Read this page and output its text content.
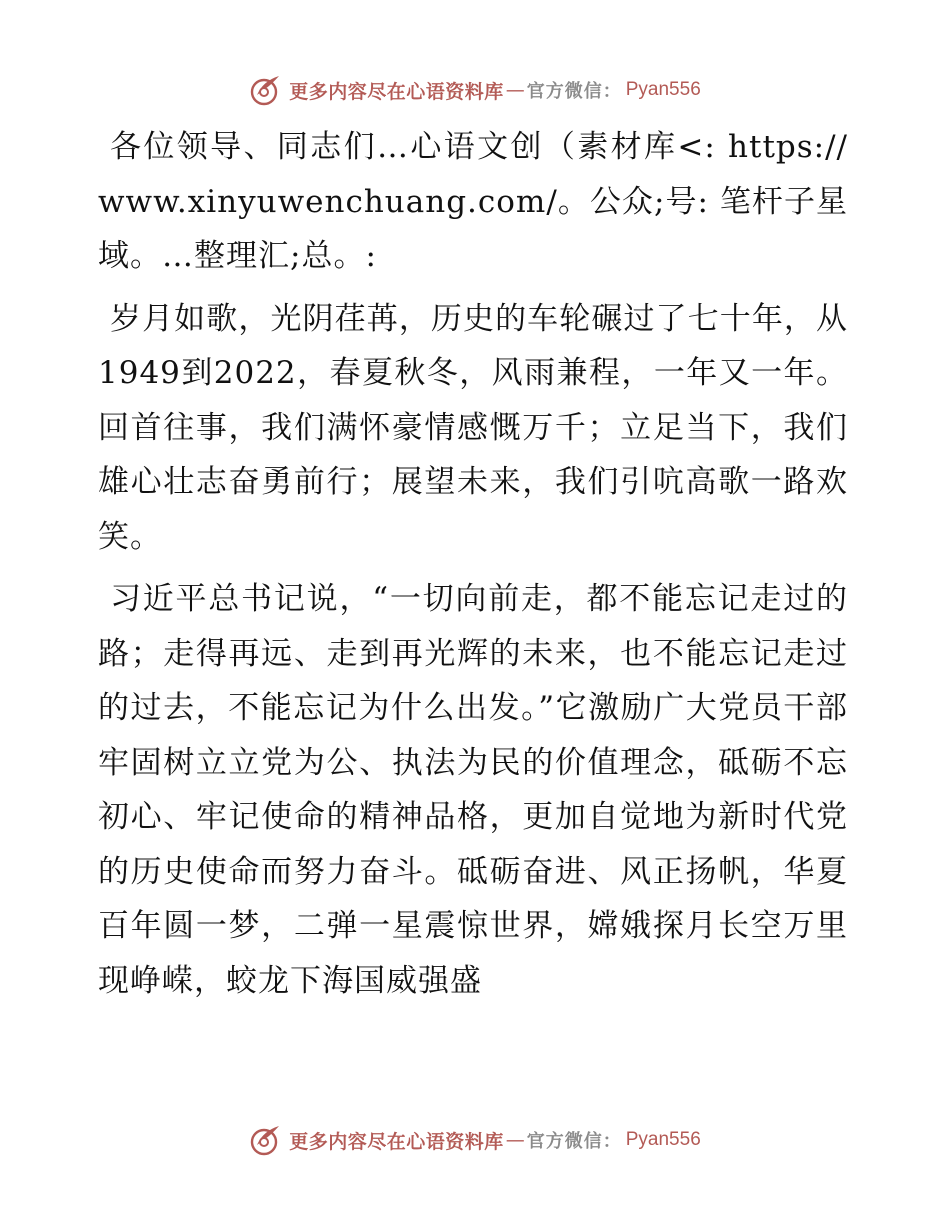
更多内容尽在心语资料库 — 官方微信： Pyan556

各位领导、同志们…心语文创（素材库<: https://www.xinyuwenchuang.com/。公众;号: 笔杆子星域。…整理汇;总。:

岁月如歌，光阴荏苒，历史的车轮碾过了七十年，从1949到2022，春夏秋冬，风雨兼程，一年又一年。回首往事，我们满怀豪情感慨万千；立足当下，我们雄心壮志奋勇前行；展望未来，我们引吭高歌一路欢笑。

习近平总书记说，“一切向前走，都不能忘记走过的路；走得再远、走到再光辉的未来，也不能忘记走过的过去，不能忘记为什么出发。”它激励广大党员干部牢固树立立党为公、执法为民的价值理念，砥砺不忘初心、牢记使命的精神品格，更加自觉地为新时代党的历史使命而努力奋斗。砥砺奋进、风正扬帆，华夏百年圆一梦，二弹一星震惊世界，嫦娥探月长空万里现峥嵘，蛟龙下海国威强盛

更多内容尽在心语资料库 — 官方微信： Pyan556
